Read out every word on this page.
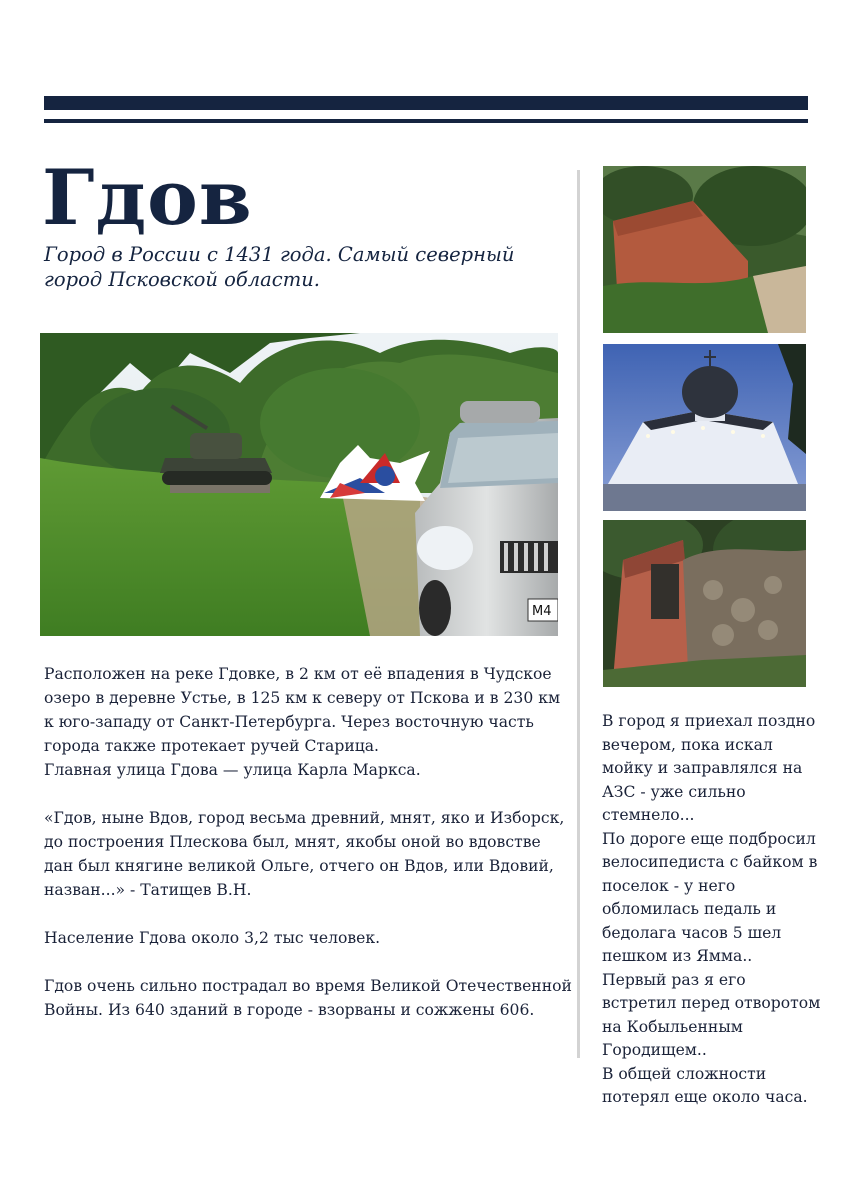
Гдов

Город в России с 1431 года. Самый северный город Псковской области.

М4

Расположен на реке Гдовке, в 2 км от её впадения в Чудское озеро в деревне Устье, в 125 км к северу от Пскова и в 230 км к юго-западу от Санкт-Петербурга. Через восточную часть города также протекает ручей Старица.
Главная улица Гдова — улица Карла Маркса.

«Гдов, ныне Вдов, город весьма древний, мнят, яко и Изборск, до построения Плескова был, мнят, якобы оной во вдовстве дан был княгине великой Ольге, отчего он Вдов, или Вдовий, назван...» - Татищев В.Н.

Население Гдова около 3,2 тыс человек.

Гдов очень сильно пострадал во время Великой Отечественной Войны. Из 640 зданий в городе - взорваны и сожжены 606.

В город я приехал поздно вечером, пока искал мойку и заправлялся на АЗС - уже сильно стемнело...

По дороге еще подбросил велосипедиста с байком в поселок - у него обломилась педаль и бедолага часов 5 шел пешком из Ямма..

Первый раз я его встретил перед отворотом на Кобыльенным Городищем..

В общей сложности потерял еще около часа.
